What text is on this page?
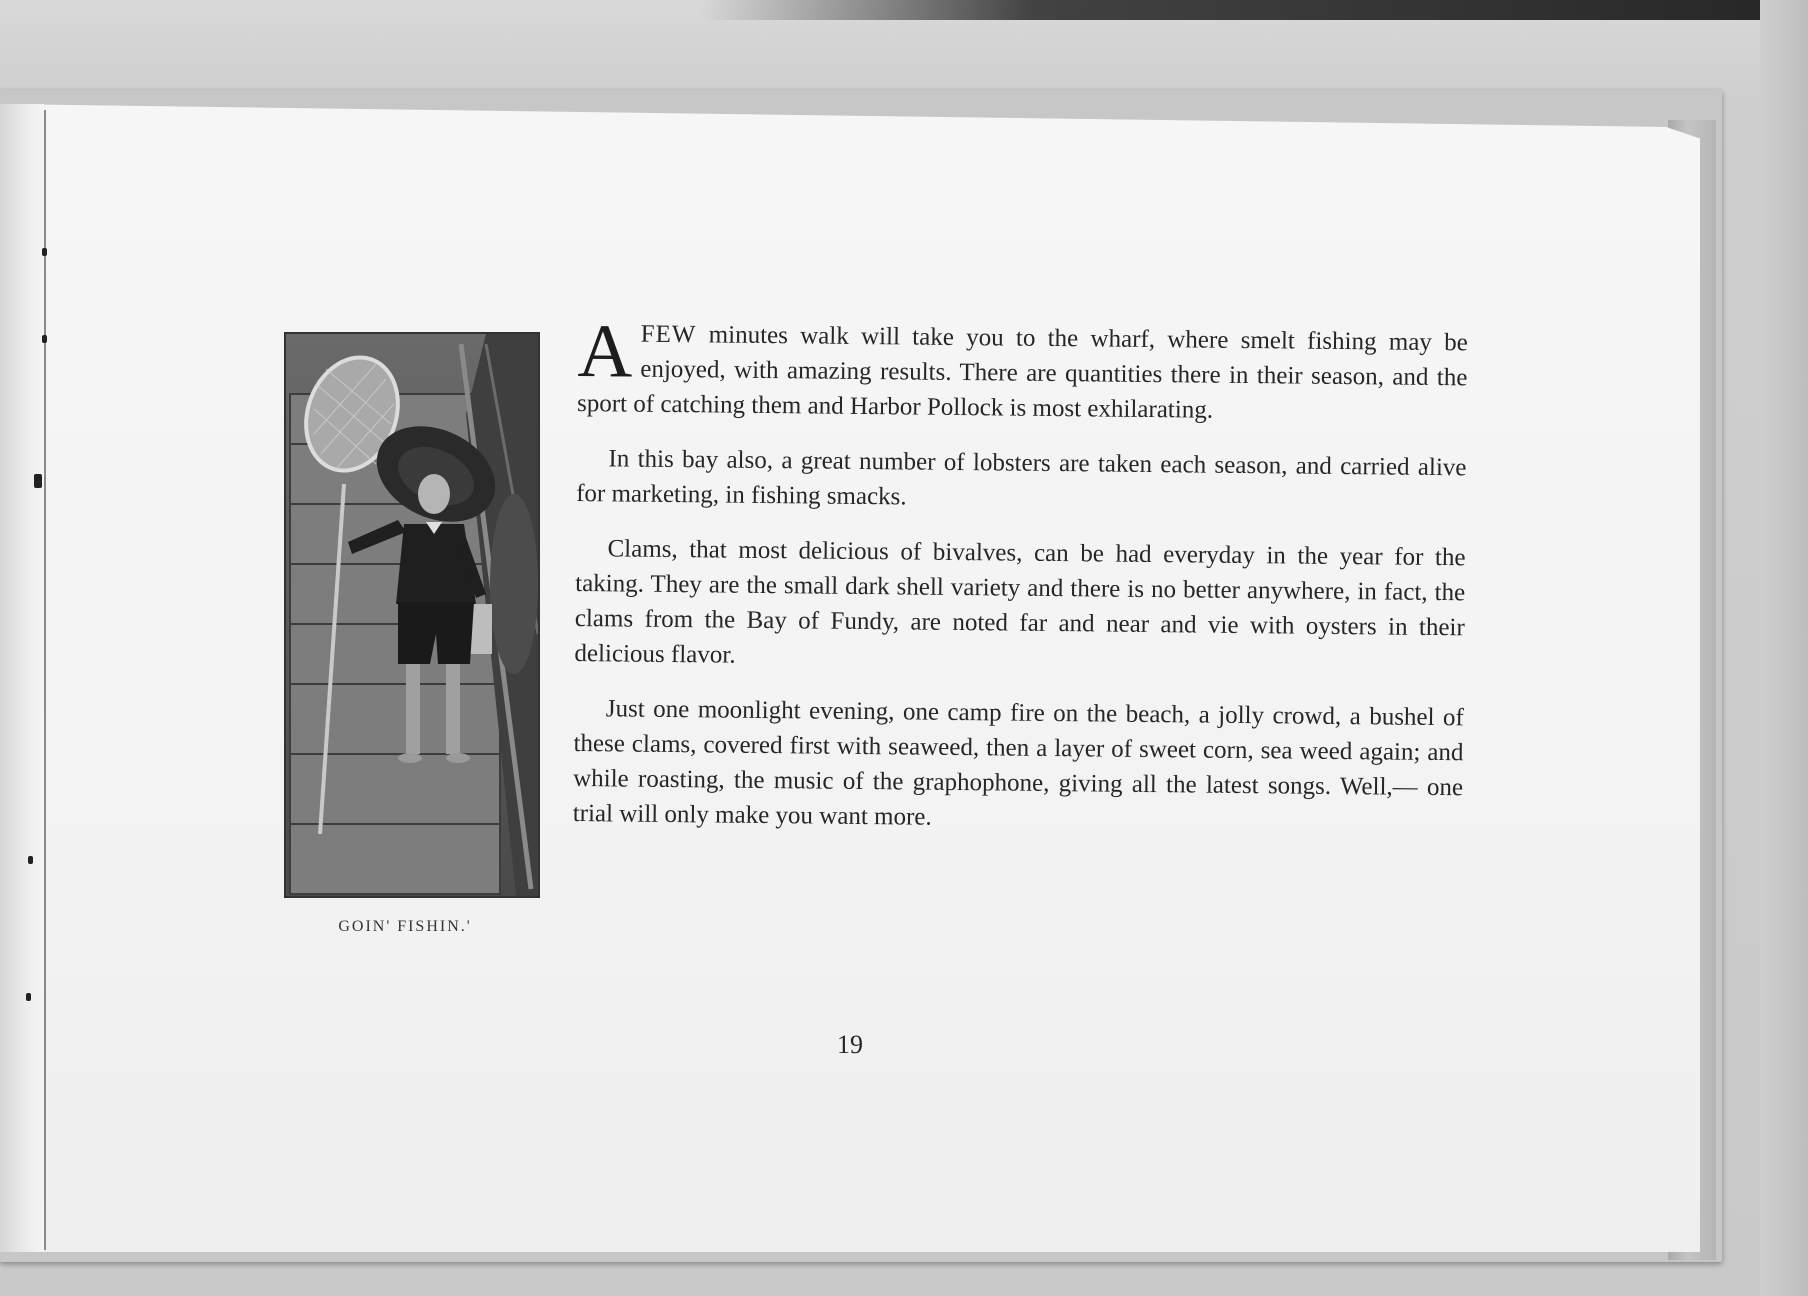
GOIN' FISHIN.'

AFEW minutes walk will take you to the wharf, where smelt fishing may be enjoyed, with amazing results. There are quantities there in their season, and the sport of catching them and Harbor Pollock is most exhilarating.

In this bay also, a great number of lobsters are taken each season, and carried alive for marketing, in fishing smacks.

Clams, that most delicious of bivalves, can be had everyday in the year for the taking. They are the small dark shell variety and there is no better anywhere, in fact, the clams from the Bay of Fundy, are noted far and near and vie with oysters in their delicious flavor.

Just one moonlight evening, one camp fire on the beach, a jolly crowd, a bushel of these clams, covered first with seaweed, then a layer of sweet corn, sea weed again; and while roasting, the music of the graphophone, giving all the latest songs. Well,— one trial will only make you want more.

19
